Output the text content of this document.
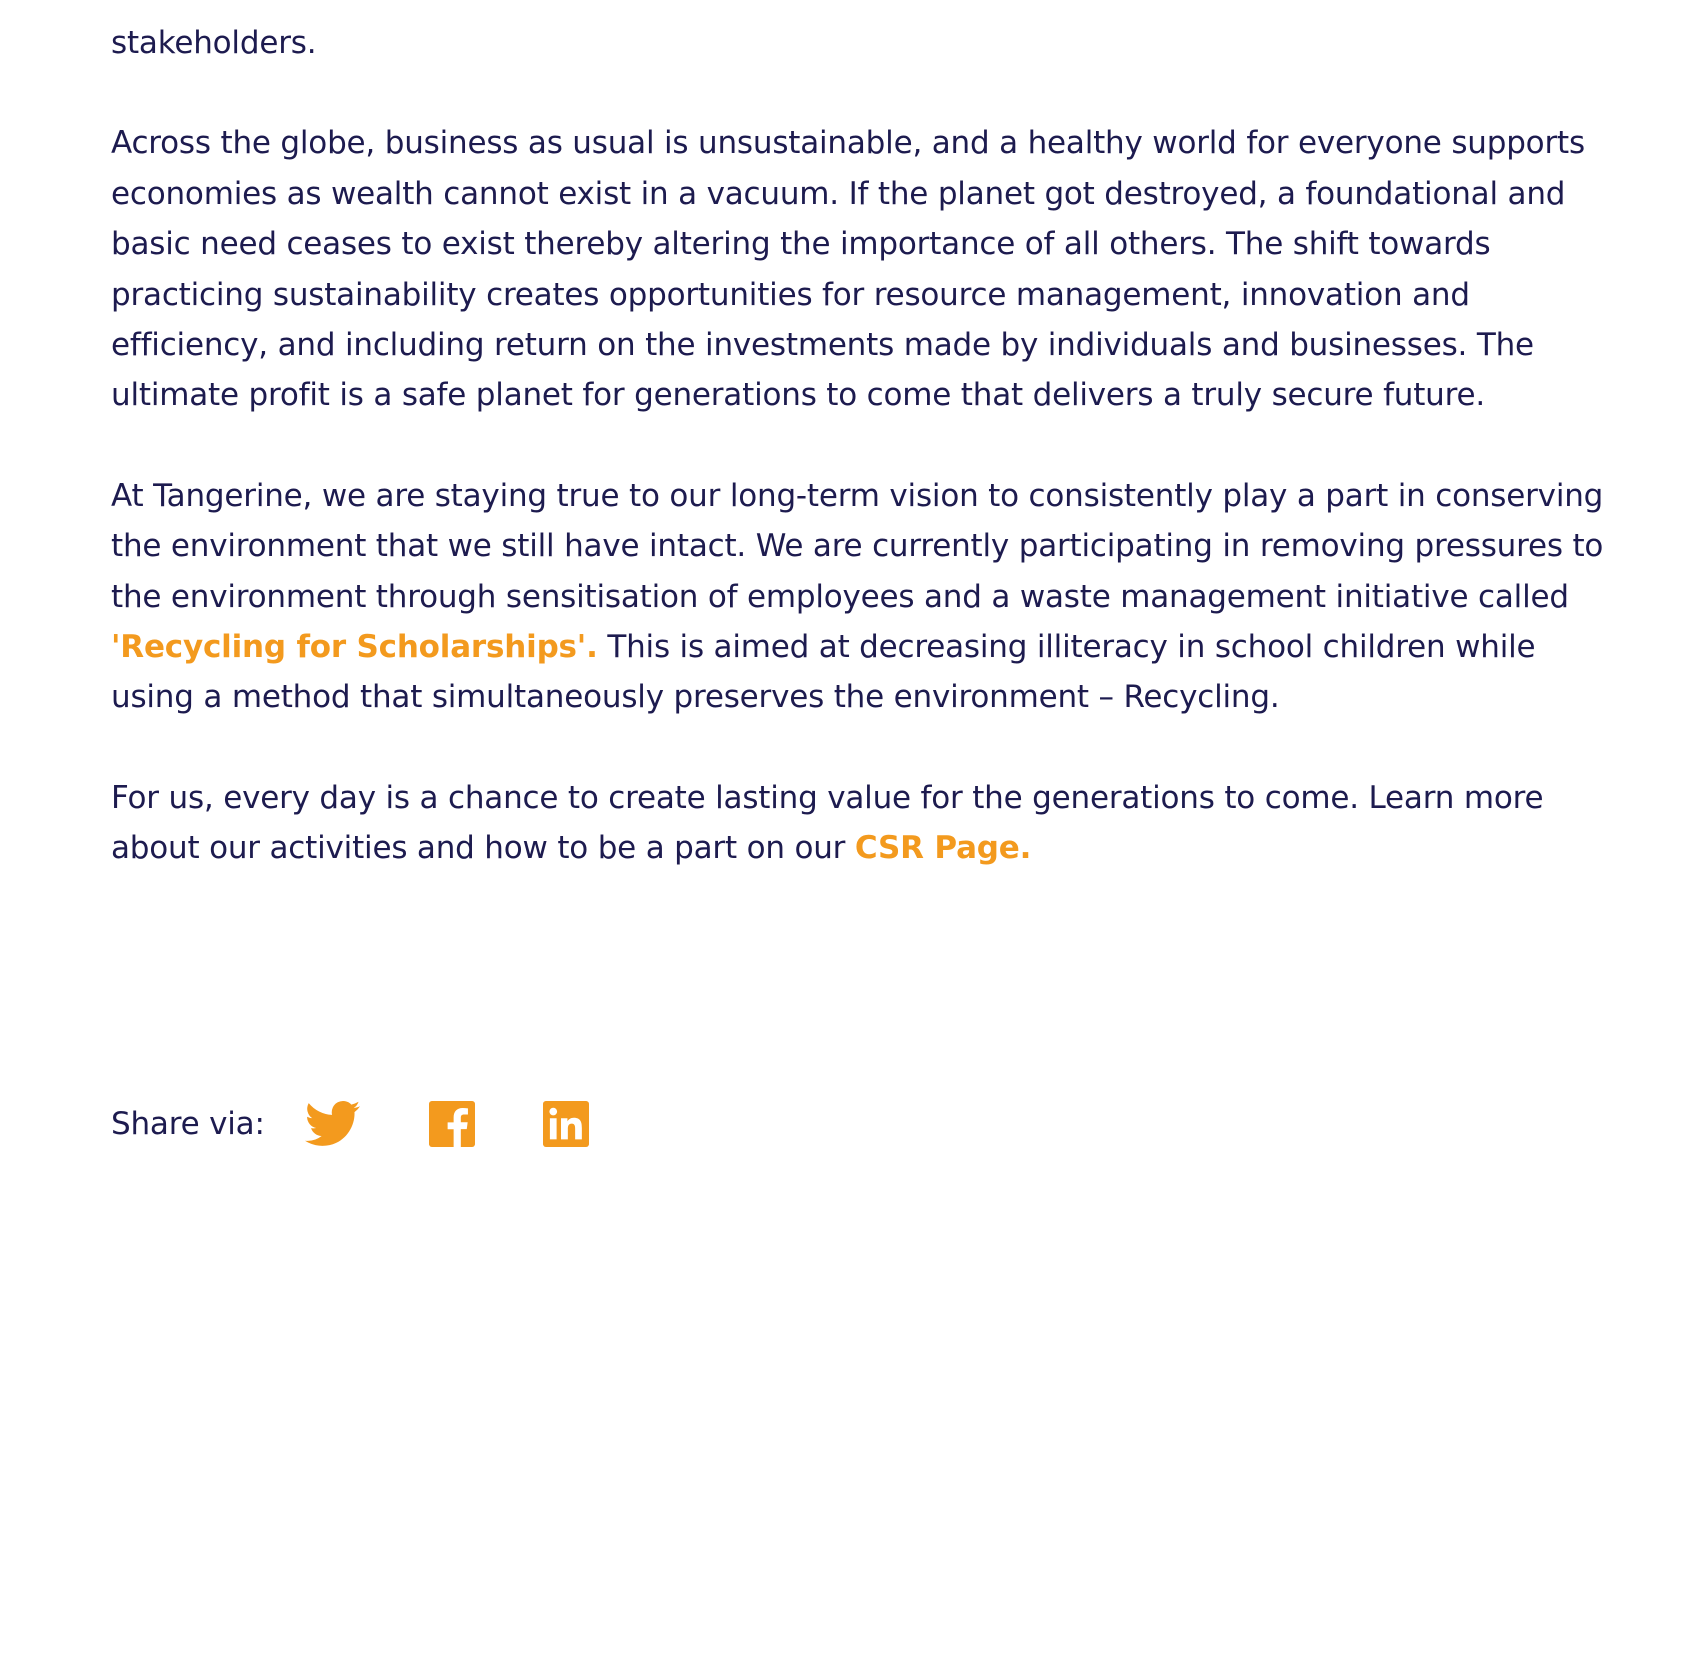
stakeholders.

Across the globe, business as usual is unsustainable, and a healthy world for everyone supports economies as wealth cannot exist in a vacuum. If the planet got destroyed, a foundational and basic need ceases to exist thereby altering the importance of all others. The shift towards practicing sustainability creates opportunities for resource management, innovation and efficiency, and including return on the investments made by individuals and businesses. The ultimate profit is a safe planet for generations to come that delivers a truly secure future.

At Tangerine, we are staying true to our long-term vision to consistently play a part in conserving the environment that we still have intact. We are currently participating in removing pressures to the environment through sensitisation of employees and a waste management initiative called 'Recycling for Scholarships'. This is aimed at decreasing illiteracy in school children while using a method that simultaneously preserves the environment – Recycling.

For us, every day is a chance to create lasting value for the generations to come. Learn more about our activities and how to be a part on our CSR Page.

Share via:
